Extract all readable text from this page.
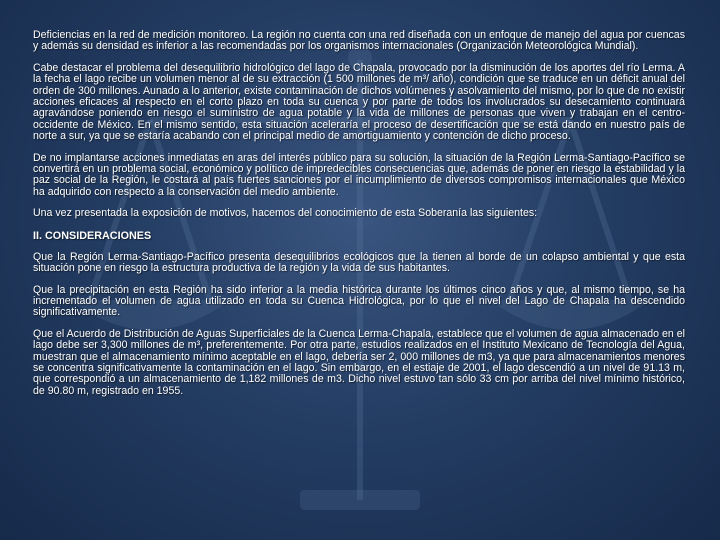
Deficiencias en la red de medición monitoreo. La región no cuenta con una red diseñada con un enfoque de manejo del agua por cuencas y además su densidad es inferior a las recomendadas por los organismos internacionales (Organización Meteorológica Mundial).

Cabe destacar el problema del desequilibrio hidrológico del lago de Chapala, provocado por la disminución de los aportes del río Lerma. A la fecha el lago recibe un volumen menor al de su extracción (1 500 millones de m³/ año), condición que se traduce en un déficit anual del orden de 300 millones. Aunado a lo anterior, existe contaminación de dichos volúmenes y asolvamiento del mismo, por lo que de no existir acciones eficaces al respecto en el corto plazo en toda su cuenca y por parte de todos los involucrados su desecamiento continuará agravándose poniendo en riesgo el suministro de agua potable y la vida de millones de personas que viven y trabajan en el centro-occidente de México. En el mismo sentido, esta situación aceleraría el proceso de desertificación que se está dando en nuestro país de norte a sur, ya que se estaría acabando con el principal medio de amortiguamiento y contención de dicho proceso.

De no implantarse acciones inmediatas en aras del interés público para su solución, la situación de la Región Lerma-Santiago-Pacífico se convertirá en un problema social, económico y político de impredecibles consecuencias que, además de poner en riesgo la estabilidad y la paz social de la Región, le costará al país fuertes sanciones por el incumplimiento de diversos compromisos internacionales que México ha adquirido con respecto a la conservación del medio ambiente.

Una vez presentada la exposición de motivos, hacemos del conocimiento de esta Soberanía las siguientes:

II. CONSIDERACIONES

Que la Región Lerma-Santiago-Pacífico presenta desequilibrios ecológicos que la tienen al borde de un colapso ambiental y que esta situación pone en riesgo la estructura productiva de la región y la vida de sus habitantes.

Que la precipitación en esta Región ha sido inferior a la media histórica durante los últimos cinco años y que, al mismo tiempo, se ha incrementado el volumen de agua utilizado en toda su Cuenca Hidrológica, por lo que el nivel del Lago de Chapala ha descendido significativamente.

Que el Acuerdo de Distribución de Aguas Superficiales de la Cuenca Lerma-Chapala, establece que el volumen de agua almacenado en el lago debe ser 3,300 millones de m³, preferentemente. Por otra parte, estudios realizados en el Instituto Mexicano de Tecnología del Agua, muestran que el almacenamiento mínimo aceptable en el lago, debería ser 2, 000 millones de m3, ya que para almacenamientos menores se concentra significativamente la contaminación en el lago. Sin embargo, en el estiaje de 2001, el lago descendió a un nivel de 91.13 m, que correspondió a un almacenamiento de 1,182 millones de m3. Dicho nivel estuvo tan sólo 33 cm por arriba del nivel mínimo histórico, de 90.80 m, registrado en 1955.
